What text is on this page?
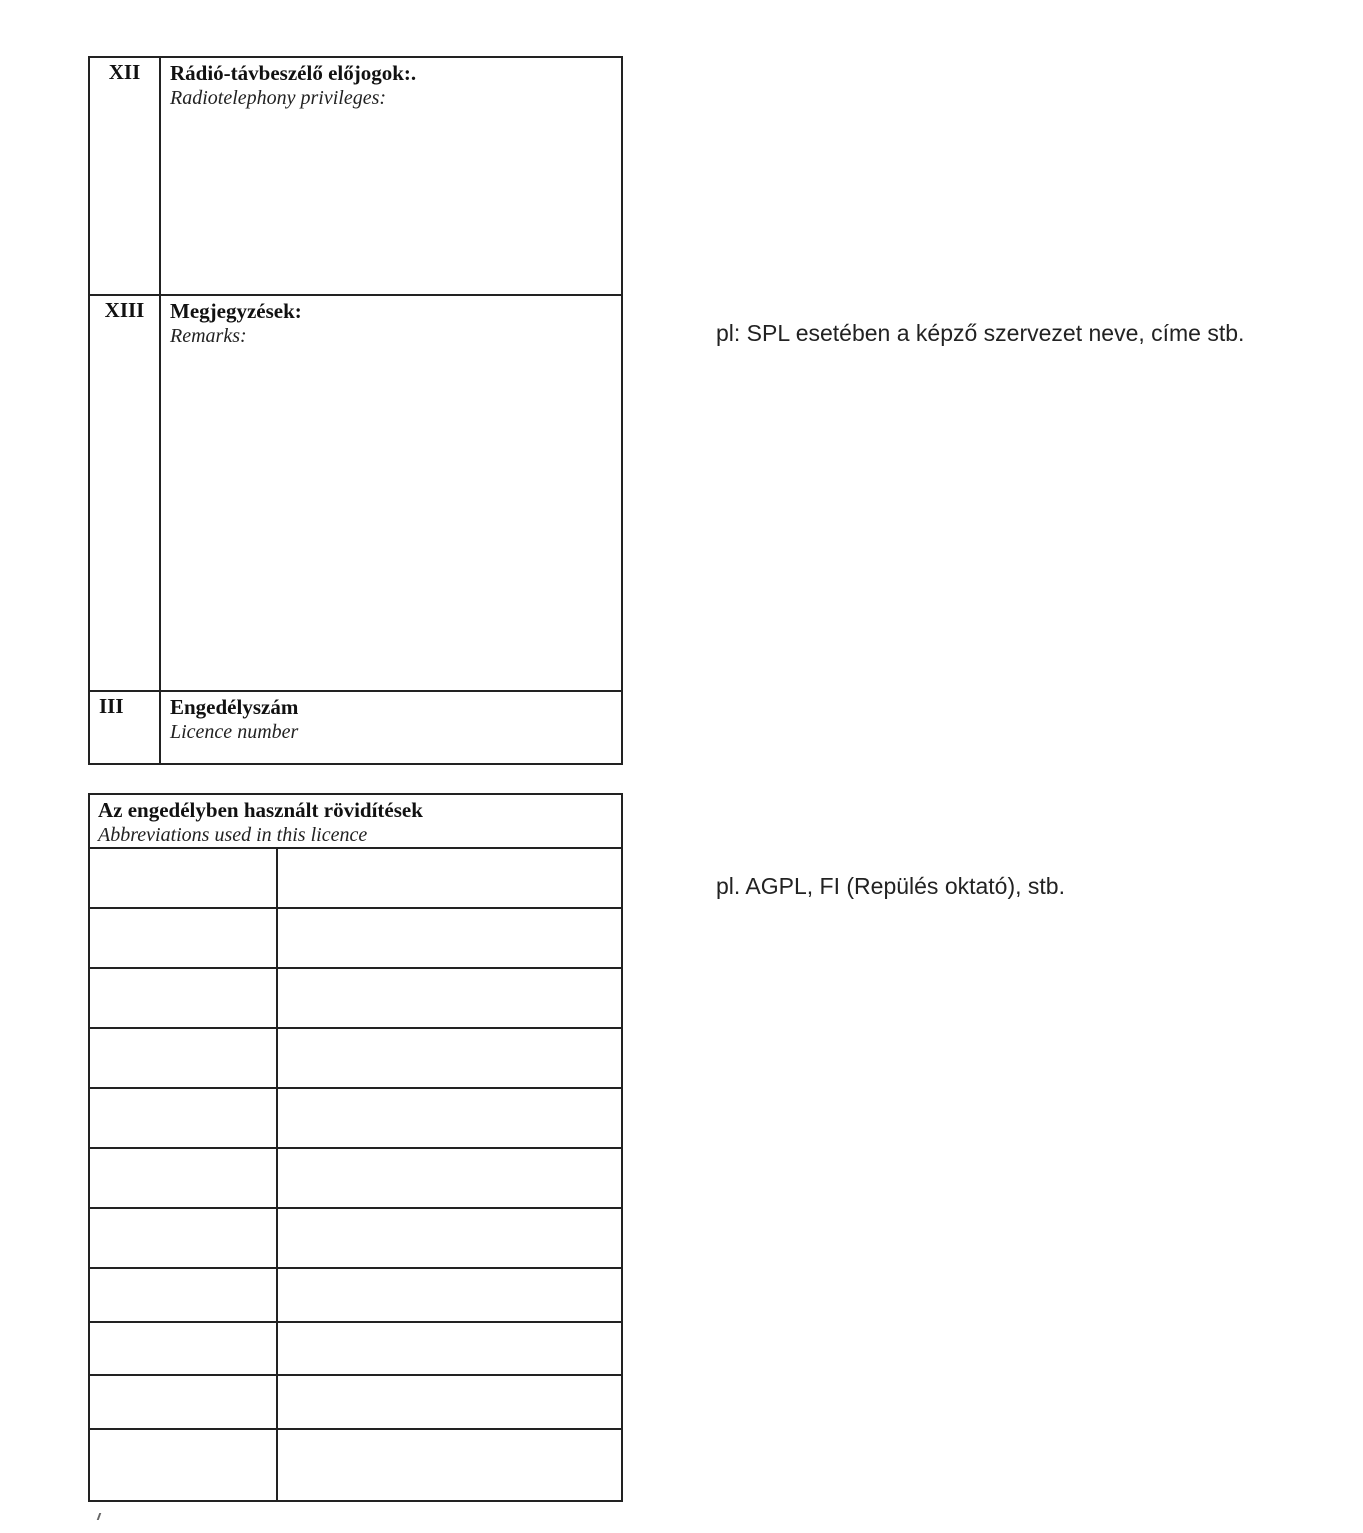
XII	Rádió-távbeszélő előjogok:.
Radiotelephony privileges:

XIII	Megjegyzések:
Remarks:

III	Engedélyszám
Licence number
Az engedélyben használt rövidítések
Abbreviations used in this licence	

pl: SPL esetében a képző szervezet neve, címe stb.
pl. AGPL, FI (Repülés oktató), stb.
